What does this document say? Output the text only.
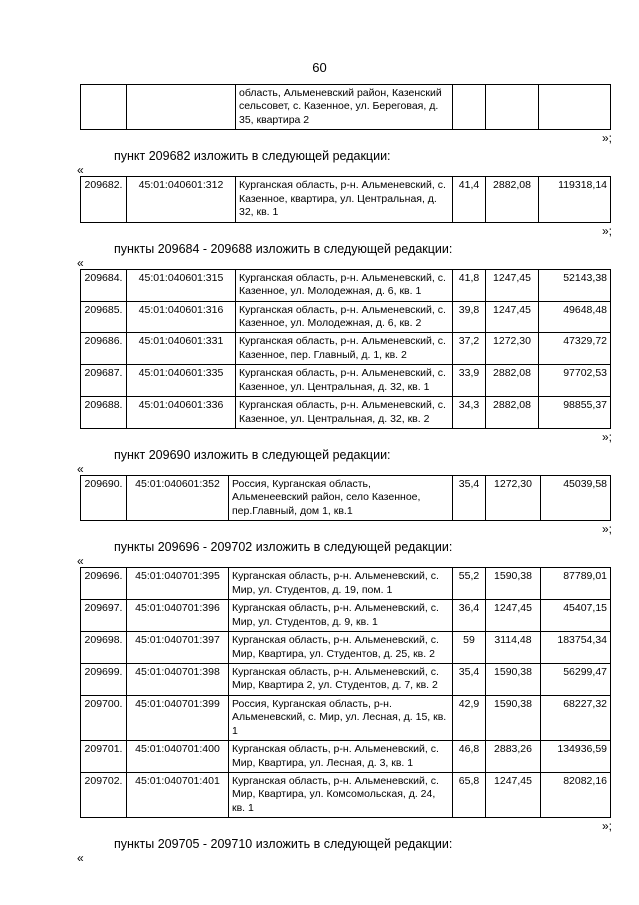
60
		область, Альменевский район, Казенский сельсовет, с. Казенное, ул. Береговая, д. 35, квартира 2			
»;
пункт 209682 изложить в следующей редакции:
«
209682.	45:01:040601:312	Курганская область, р-н. Альменевский, с. Казенное, квартира, ул. Центральная, д. 32, кв. 1	41,4	2882,08	119318,14
»;
пункты 209684 - 209688 изложить в следующей редакции:
«
209684.	45:01:040601:315	Курганская область, р-н. Альменевский, с. Казенное, ул. Молодежная, д. 6, кв. 1	41,8	1247,45	52143,38
209685.	45:01:040601:316	Курганская область, р-н. Альменевский, с. Казенное, ул. Молодежная, д. 6, кв. 2	39,8	1247,45	49648,48
209686.	45:01:040601:331	Курганская область, р-н. Альменевский, с. Казенное, пер. Главный, д. 1, кв. 2	37,2	1272,30	47329,72
209687.	45:01:040601:335	Курганская область, р-н. Альменевский, с. Казенное, ул. Центральная, д. 32, кв. 1	33,9	2882,08	97702,53
209688.	45:01:040601:336	Курганская область, р-н. Альменевский, с. Казенное, ул. Центральная, д. 32, кв. 2	34,3	2882,08	98855,37
»;
пункт 209690 изложить в следующей редакции:
«
209690.	45:01:040601:352	Россия, Курганская область, Альменеевский район, село Казенное, пер.Главный, дом 1, кв.1	35,4	1272,30	45039,58
»;
пункты 209696 - 209702 изложить в следующей редакции:
«
209696.	45:01:040701:395	Курганская область, р-н. Альменевский, с. Мир, ул. Студентов, д. 19, пом. 1	55,2	1590,38	87789,01
209697.	45:01:040701:396	Курганская область, р-н. Альменевский, с. Мир, ул. Студентов, д. 9, кв. 1	36,4	1247,45	45407,15
209698.	45:01:040701:397	Курганская область, р-н. Альменевский, с. Мир, Квартира, ул. Студентов, д. 25, кв. 2	59	3114,48	183754,34
209699.	45:01:040701:398	Курганская область, р-н. Альменевский, с. Мир, Квартира 2, ул. Студентов, д. 7, кв. 2	35,4	1590,38	56299,47
209700.	45:01:040701:399	Россия, Курганская область, р-н. Альменевский, с. Мир, ул. Лесная, д. 15, кв. 1	42,9	1590,38	68227,32
209701.	45:01:040701:400	Курганская область, р-н. Альменевский, с. Мир, Квартира, ул. Лесная, д. 3, кв. 1	46,8	2883,26	134936,59
209702.	45:01:040701:401	Курганская область, р-н. Альменевский, с. Мир, Квартира, ул. Комсомольская, д. 24, кв. 1	65,8	1247,45	82082,16
»;
пункты 209705 - 209710 изложить в следующей редакции:
«
